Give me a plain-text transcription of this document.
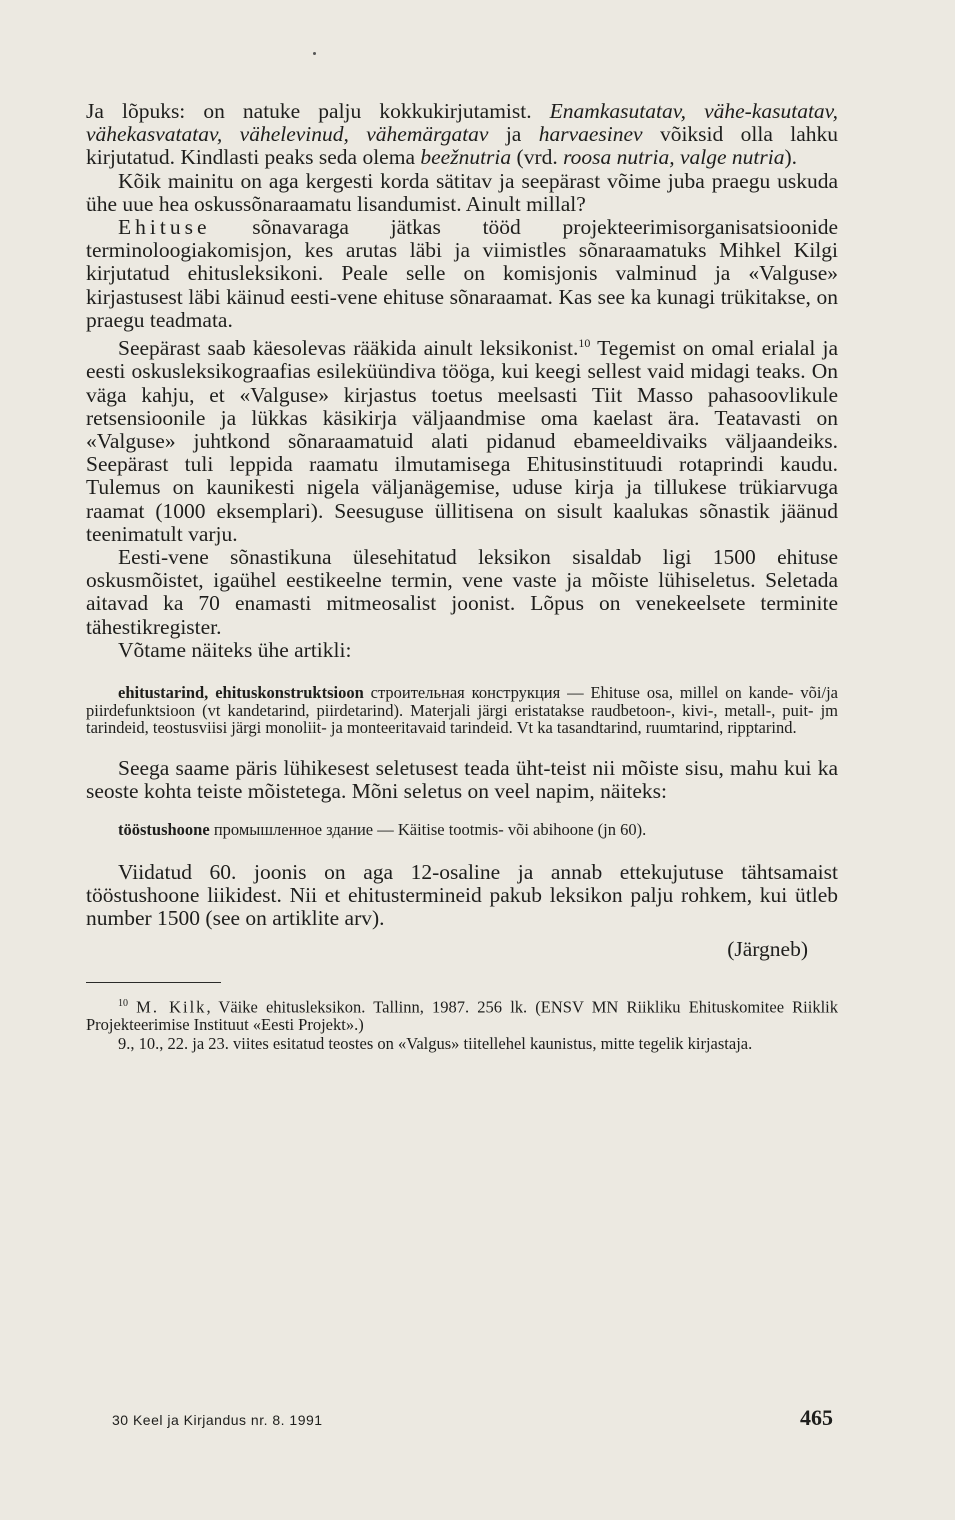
Ja lõpuks: on natuke palju kokkukirjutamist. Enamkasutatav, vähe-kasutatav, vähekasvatatav, vähelevinud, vähemärgatav ja harvaesinev võiksid olla lahku kirjutatud. Kindlasti peaks seda olema beežnutria (vrd. roosa nutria, valge nutria).

Kõik mainitu on aga kergesti korda sätitav ja seepärast võime juba praegu uskuda ühe uue hea oskussõnaraamatu lisandumist. Ainult millal?

Ehituse sõnavaraga jätkas tööd projekteerimisorganisatsioonide terminoloogiakomisjon, kes arutas läbi ja viimistles sõnaraamatuks Mihkel Kilgi kirjutatud ehitusleksikoni. Peale selle on komisjonis valminud ja «Valguse» kirjastusest läbi käinud eesti-vene ehituse sõnaraamat. Kas see ka kunagi trükitakse, on praegu teadmata.

Seepärast saab käesolevas rääkida ainult leksikonist.$^{10}$ Tegemist on omal erialal ja eesti oskusleksikograafias esileküündiva tööga, kui keegi sellest vaid midagi teaks. On väga kahju, et «Valguse» kirjastus toetus meelsasti Tiit Masso pahasoovlikule retsensioonile ja lükkas käsikirja väljaandmise oma kaelast ära. Teatavasti on «Valguse» juhtkond sõnaraamatuid alati pidanud ebameeldivaiks väljaandeiks. Seepärast tuli leppida raamatu ilmutamisega Ehitusinstituudi rotaprindi kaudu. Tulemus on kaunikesti nigela väljanägemise, uduse kirja ja tillukese trükiarvuga raamat (1000 eksemplari). Seesuguse üllitisena on sisult kaalukas sõnastik jäänud teenimatult varju.

Eesti-vene sõnastikuna ülesehitatud leksikon sisaldab ligi 1500 ehituse oskusmõistet, igaühel eestikeelne termin, vene vaste ja mõiste lühiseletus. Seletada aitavad ka 70 enamasti mitmeosalist joonist. Lõpus on venekeelsete terminite tähestikregister.

Võtame näiteks ühe artikli:

ehitustarind, ehituskonstruktsioon строительная конструкция — Ehituse osa, millel on kande- või/ja piirdefunktsioon (vt kandetarind, piirdetarind). Materjali järgi eristatakse raudbetoon-, kivi-, metall-, puit- jm tarindeid, teostusviisi järgi monoliit- ja monteeritavaid tarindeid. Vt ka tasandtarind, ruumtarind, ripptarind.

Seega saame päris lühikesest seletusest teada üht-teist nii mõiste sisu, mahu kui ka seoste kohta teiste mõistetega. Mõni seletus on veel napim, näiteks:

tööstushoone промышленное здание — Käitise tootmis- või abihoone (jn 60).

Viidatud 60. joonis on aga 12-osaline ja annab ettekujutuse tähtsamaist tööstushoone liikidest. Nii et ehitustermineid pakub leksikon palju rohkem, kui ütleb number 1500 (see on artiklite arv).

(Järgneb)

$^{10}$ M. Kilk, Väike ehitusleksikon. Tallinn, 1987. 256 lk. (ENSV MN Riikliku Ehituskomitee Riiklik Projekteerimise Instituut «Eesti Projekt».)

9., 10., 22. ja 23. viites esitatud teostes on «Valgus» tiitellehel kaunistus, mitte tegelik kirjastaja.

30 Keel ja Kirjandus nr. 8. 1991	465
